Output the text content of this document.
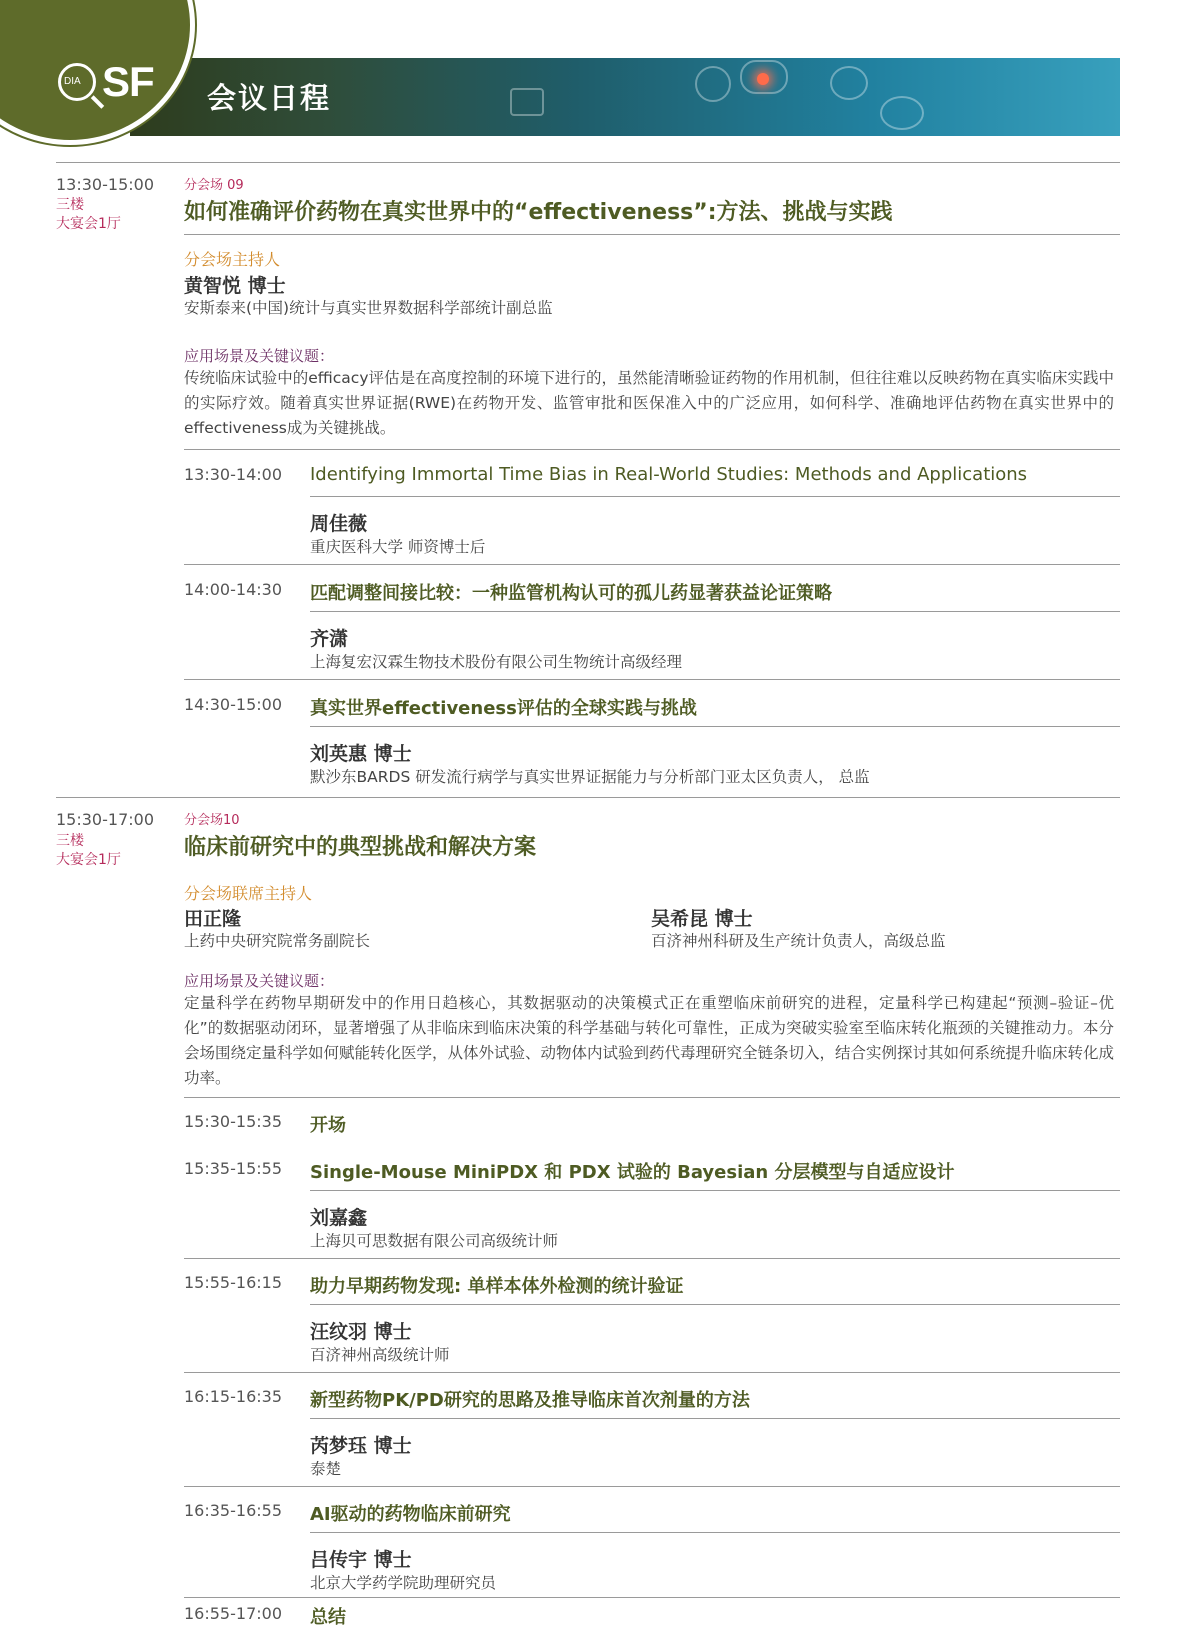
会议日程
DIA SF
13:30-15:00
三楼
大宴会1厅
分会场 09
如何准确评价药物在真实世界中的“effectiveness”:方法、挑战与实践
分会场主持人
黄智悦 博士
安斯泰来(中国)统计与真实世界数据科学部统计副总监
应用场景及关键议题：
传统临床试验中的efficacy评估是在高度控制的环境下进行的，虽然能清晰验证药物的作用机制，但往往难以反映药物在真实临床实践中的实际疗效。随着真实世界证据(RWE)在药物开发、监管审批和医保准入中的广泛应用，如何科学、准确地评估药物在真实世界中的effectiveness成为关键挑战。
13:30-14:00 Identifying Immortal Time Bias in Real-World Studies: Methods and Applications
周佳薇
重庆医科大学 师资博士后
14:00-14:30 匹配调整间接比较：一种监管机构认可的孤儿药显著获益论证策略
齐潇
上海复宏汉霖生物技术股份有限公司生物统计高级经理
14:30-15:00 真实世界effectiveness评估的全球实践与挑战
刘英惠 博士
默沙东BARDS 研发流行病学与真实世界证据能力与分析部门亚太区负责人， 总监
15:30-17:00
三楼
大宴会1厅
分会场10
临床前研究中的典型挑战和解决方案
分会场联席主持人
田正隆
上药中央研究院常务副院长
吴希昆 博士
百济神州科研及生产统计负责人，高级总监
应用场景及关键议题：
定量科学在药物早期研发中的作用日趋核心，其数据驱动的决策模式正在重塑临床前研究的进程，定量科学已构建起“预测–验证–优化”的数据驱动闭环，显著增强了从非临床到临床决策的科学基础与转化可靠性，正成为突破实验室至临床转化瓶颈的关键推动力。本分会场围绕定量科学如何赋能转化医学，从体外试验、动物体内试验到药代毒理研究全链条切入，结合实例探讨其如何系统提升临床转化成功率。
15:30-15:35 开场
15:35-15:55 Single-Mouse MiniPDX 和 PDX 试验的 Bayesian 分层模型与自适应设计
刘嘉鑫
上海贝可思数据有限公司高级统计师
15:55-16:15 助力早期药物发现: 单样本体外检测的统计验证
汪纹羽 博士
百济神州高级统计师
16:15-16:35 新型药物PK/PD研究的思路及推导临床首次剂量的方法
芮梦珏 博士
泰楚
16:35-16:55 AI驱动的药物临床前研究
吕传宇 博士
北京大学药学院助理研究员
16:55-17:00 总结
